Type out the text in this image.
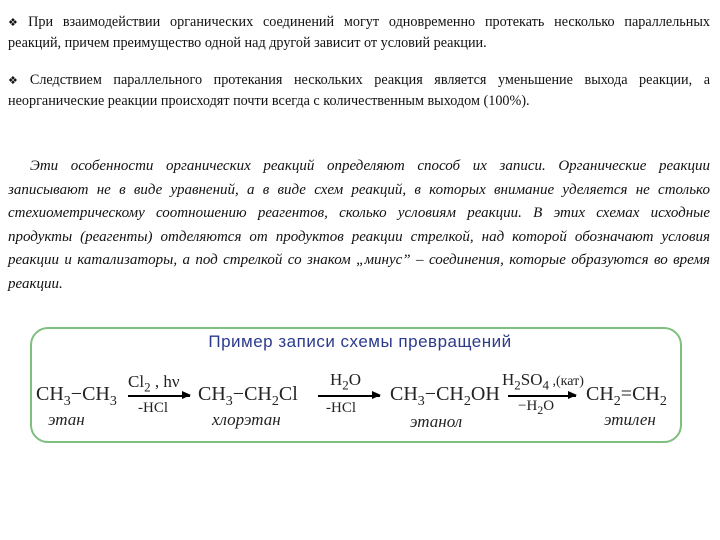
❖ При взаимодействии органических соединений могут одновременно протекать несколько параллельных реакций, причем преимущество одной над другой зависит от условий реакции.
❖ Следствием параллельного протекания нескольких реакция является уменьшение выхода реакции, а неорганические реакции происходят почти всегда с количественным выходом (100%).
Эти особенности органических реакций определяют способ их записи. Органические реакции записывают не в виде уравнений, а в виде схем реакций, в которых внимание уделяется не столько стехиометрическому соотношению реагентов, сколько условиям реакции. В этих схемах исходные продукты (реагенты) отделяются от продуктов реакции стрелкой, над которой обозначают условия реакции и катализаторы, а под стрелкой со знаком „минус” – соединения, которые образуются во время реакции.
Пример записи схемы превращений
$CH_3-CH_3$
этан
$Cl_2$ , hν
-HCl
$CH_3-CH_2Cl$
хлорэтан
$H_2O$
-HCl
$CH_3-CH_2OH$
этанол
$H_2SO_4$ ,(кат)
$-H_2O$
$CH_2=CH_2$
этилен
